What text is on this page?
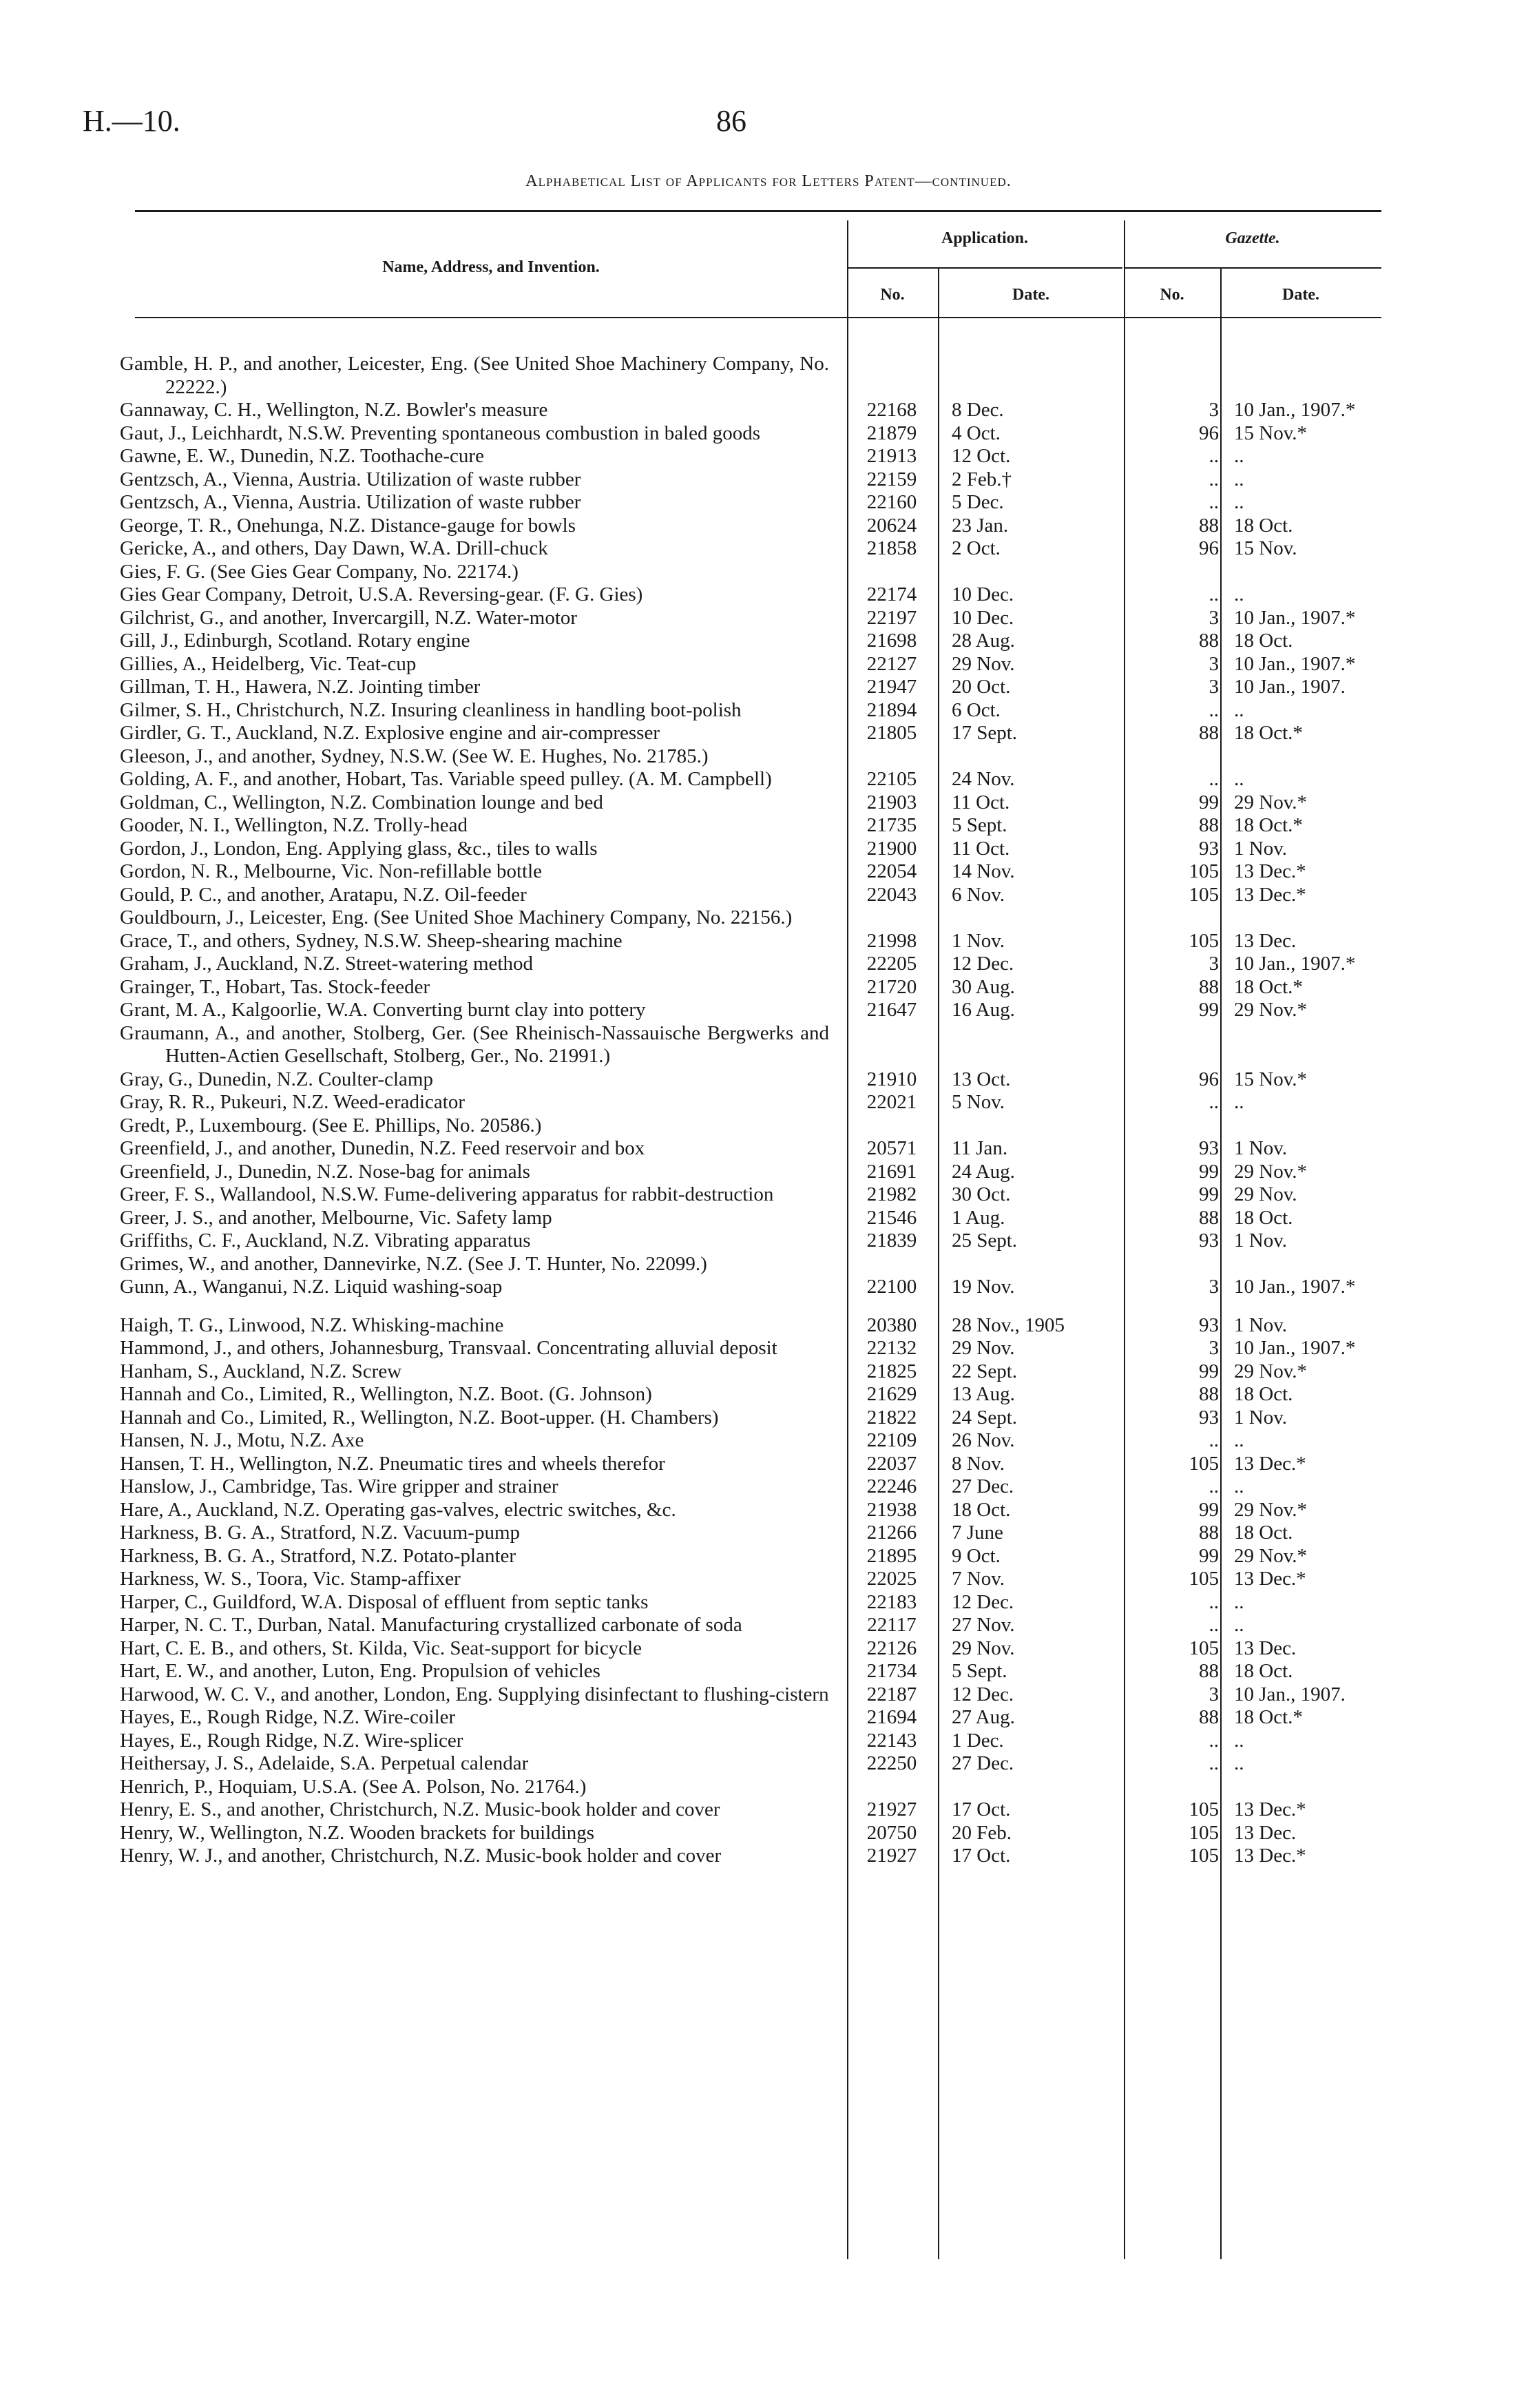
H.—10.	86
Alphabetical List of Applicants for Letters Patent—continued.
Name, Address, and Invention.
Application.	Gazette.
No.	Date.	No.	Date.
Gamble, H. P., and another, Leicester, Eng. (See United Shoe Machinery Company, No. 22222.)
Gannaway, C. H., Wellington, N.Z. Bowler's measure	22168	8 Dec.	3 10 Jan., 1907.*
Gaut, J., Leichhardt, N.S.W. Preventing spontaneous combustion in baled goods	21879	4 Oct.	96 15 Nov.*
Gawne, E. W., Dunedin, N.Z. Toothache-cure	21913	12 Oct.	.. ..
Gentzsch, A., Vienna, Austria. Utilization of waste rubber	22159	2 Feb.†	.. ..
Gentzsch, A., Vienna, Austria. Utilization of waste rubber	22160	5 Dec.	.. ..
George, T. R., Onehunga, N.Z. Distance-gauge for bowls	20624	23 Jan.	88 18 Oct.
Gericke, A., and others, Day Dawn, W.A. Drill-chuck	21858	2 Oct.	96 15 Nov.
Gies, F. G. (See Gies Gear Company, No. 22174.)
Gies Gear Company, Detroit, U.S.A. Reversing-gear. (F. G. Gies)	22174	10 Dec.	.. ..
Gilchrist, G., and another, Invercargill, N.Z. Water-motor	22197	10 Dec.	3 10 Jan., 1907.*
Gill, J., Edinburgh, Scotland. Rotary engine	21698	28 Aug.	88 18 Oct.
Gillies, A., Heidelberg, Vic. Teat-cup	22127	29 Nov.	3 10 Jan., 1907.*
Gillman, T. H., Hawera, N.Z. Jointing timber	21947	20 Oct.	3 10 Jan., 1907.
Gilmer, S. H., Christchurch, N.Z. Insuring cleanliness in handling boot-polish	21894	6 Oct.	.. ..
Girdler, G. T., Auckland, N.Z. Explosive engine and air-compresser	21805	17 Sept.	88 18 Oct.*
Gleeson, J., and another, Sydney, N.S.W. (See W. E. Hughes, No. 21785.)
Golding, A. F., and another, Hobart, Tas. Variable speed pulley. (A. M. Campbell)	22105	24 Nov.	.. ..
Goldman, C., Wellington, N.Z. Combination lounge and bed	21903	11 Oct.	99 29 Nov.*
Gooder, N. I., Wellington, N.Z. Trolly-head	21735	5 Sept.	88 18 Oct.*
Gordon, J., London, Eng. Applying glass, &c., tiles to walls	21900	11 Oct.	93 1 Nov.
Gordon, N. R., Melbourne, Vic. Non-refillable bottle	22054	14 Nov.	105 13 Dec.*
Gould, P. C., and another, Aratapu, N.Z. Oil-feeder	22043	6 Nov.	105 13 Dec.*
Gouldbourn, J., Leicester, Eng. (See United Shoe Machinery Company, No. 22156.)
Grace, T., and others, Sydney, N.S.W. Sheep-shearing machine	21998	1 Nov.	105 13 Dec.
Graham, J., Auckland, N.Z. Street-watering method	22205	12 Dec.	3 10 Jan., 1907.*
Grainger, T., Hobart, Tas. Stock-feeder	21720	30 Aug.	88 18 Oct.*
Grant, M. A., Kalgoorlie, W.A. Converting burnt clay into pottery	21647	16 Aug.	99 29 Nov.*
Graumann, A., and another, Stolberg, Ger. (See Rheinisch-Nassauische Bergwerks and Hutten-Actien Gesellschaft, Stolberg, Ger., No. 21991.)
Gray, G., Dunedin, N.Z. Coulter-clamp	21910	13 Oct.	96 15 Nov.*
Gray, R. R., Pukeuri, N.Z. Weed-eradicator	22021	5 Nov.	.. ..
Gredt, P., Luxembourg. (See E. Phillips, No. 20586.)
Greenfield, J., and another, Dunedin, N.Z. Feed reservoir and box	20571	11 Jan.	93 1 Nov.
Greenfield, J., Dunedin, N.Z. Nose-bag for animals	21691	24 Aug.	99 29 Nov.*
Greer, F. S., Wallandool, N.S.W. Fume-delivering apparatus for rabbit-destruction	21982	30 Oct.	99 29 Nov.
Greer, J. S., and another, Melbourne, Vic. Safety lamp	21546	1 Aug.	88 18 Oct.
Griffiths, C. F., Auckland, N.Z. Vibrating apparatus	21839	25 Sept.	93 1 Nov.
Grimes, W., and another, Dannevirke, N.Z. (See J. T. Hunter, No. 22099.)
Gunn, A., Wanganui, N.Z. Liquid washing-soap	22100	19 Nov.	3 10 Jan., 1907.*
Haigh, T. G., Linwood, N.Z. Whisking-machine	20380	28 Nov., 1905	93 1 Nov.
Hammond, J., and others, Johannesburg, Transvaal. Concentrating alluvial deposit	22132	29 Nov.	3 10 Jan., 1907.*
Hanham, S., Auckland, N.Z. Screw	21825	22 Sept.	99 29 Nov.*
Hannah and Co., Limited, R., Wellington, N.Z. Boot. (G. Johnson)	21629	13 Aug.	88 18 Oct.
Hannah and Co., Limited, R., Wellington, N.Z. Boot-upper. (H. Chambers)	21822	24 Sept.	93 1 Nov.
Hansen, N. J., Motu, N.Z. Axe	22109	26 Nov.	.. ..
Hansen, T. H., Wellington, N.Z. Pneumatic tires and wheels therefor	22037	8 Nov.	105 13 Dec.*
Hanslow, J., Cambridge, Tas. Wire gripper and strainer	22246	27 Dec.	.. ..
Hare, A., Auckland, N.Z. Operating gas-valves, electric switches, &c.	21938	18 Oct.	99 29 Nov.*
Harkness, B. G. A., Stratford, N.Z. Vacuum-pump	21266	7 June	88 18 Oct.
Harkness, B. G. A., Stratford, N.Z. Potato-planter	21895	9 Oct.	99 29 Nov.*
Harkness, W. S., Toora, Vic. Stamp-affixer	22025	7 Nov.	105 13 Dec.*
Harper, C., Guildford, W.A. Disposal of effluent from septic tanks	22183	12 Dec.	.. ..
Harper, N. C. T., Durban, Natal. Manufacturing crystallized carbonate of soda	22117	27 Nov.	.. ..
Hart, C. E. B., and others, St. Kilda, Vic. Seat-support for bicycle	22126	29 Nov.	105 13 Dec.
Hart, E. W., and another, Luton, Eng. Propulsion of vehicles	21734	5 Sept.	88 18 Oct.
Harwood, W. C. V., and another, London, Eng. Supplying disinfectant to flushing-cistern	22187	12 Dec.	3 10 Jan., 1907.
Hayes, E., Rough Ridge, N.Z. Wire-coiler	21694	27 Aug.	88 18 Oct.*
Hayes, E., Rough Ridge, N.Z. Wire-splicer	22143	1 Dec.	.. ..
Heithersay, J. S., Adelaide, S.A. Perpetual calendar	22250	27 Dec.	.. ..
Henrich, P., Hoquiam, U.S.A. (See A. Polson, No. 21764.)
Henry, E. S., and another, Christchurch, N.Z. Music-book holder and cover	21927	17 Oct.	105 13 Dec.*
Henry, W., Wellington, N.Z. Wooden brackets for buildings	20750	20 Feb.	105 13 Dec.
Henry, W. J., and another, Christchurch, N.Z. Music-book holder and cover	21927	17 Oct.	105 13 Dec.*
